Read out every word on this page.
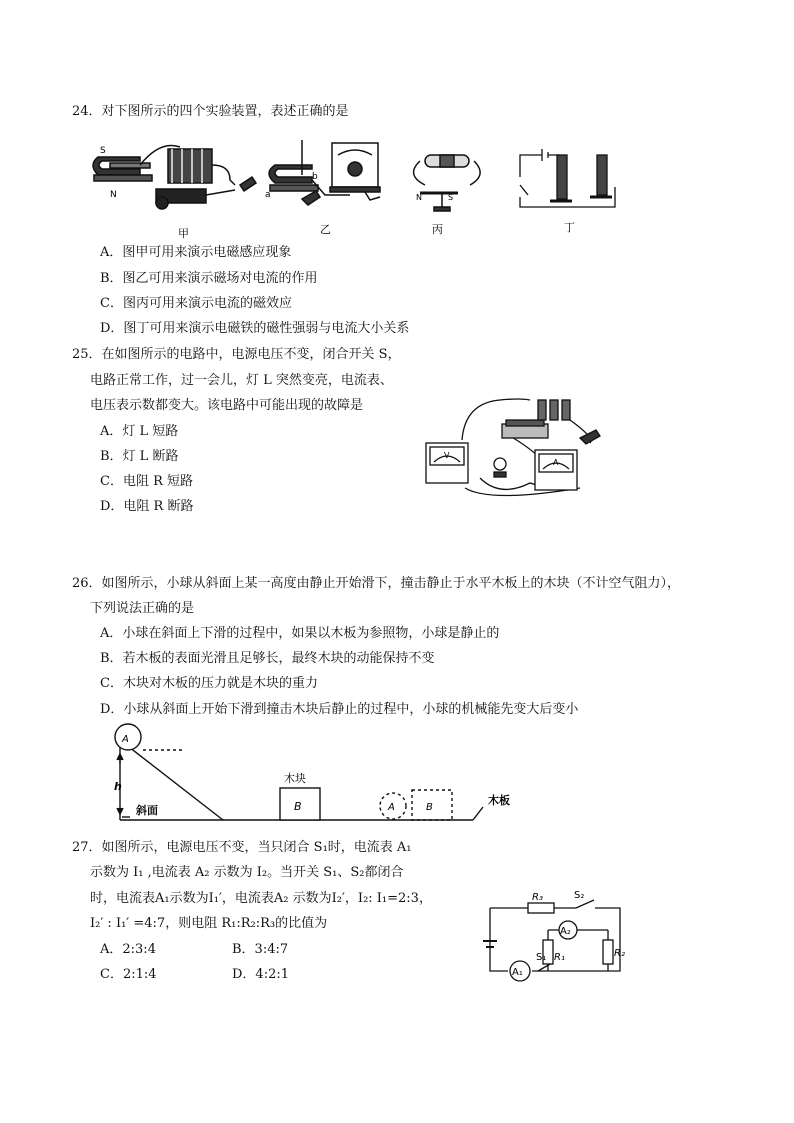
24．对下图所示的四个实验装置，表述正确的是
S
N
甲
a
b
乙
N	S
丙	丁
A．图甲可用来演示电磁感应现象
B．图乙可用来演示磁场对电流的作用
C．图丙可用来演示电流的磁效应
D．图丁可用来演示电磁铁的磁性强弱与电流大小关系
25．在如图所示的电路中，电源电压不变，闭合开关 S，
电路正常工作，过一会儿，灯 L 突然变亮，电流表、
电压表示数都变大。该电路中可能出现的故障是
A．灯 L 短路
B．灯 L 断路
C．电阻 R 短路
D．电阻 R 断路
V
A
26．如图所示，小球从斜面上某一高度由静止开始滑下，撞击静止于水平木板上的木块（不计空气阻力），
下列说法正确的是
A．小球在斜面上下滑的过程中，如果以木板为参照物，小球是静止的
B．若木板的表面光滑且足够长，最终木块的动能保持不变
C．木块对木板的压力就是木块的重力
D．小球从斜面上开始下滑到撞击木块后静止的过程中，小球的机械能先变大后变小
A
h
斜面
木块
B	A	B
木板
27．如图所示，电源电压不变，当只闭合 S₁时，电流表 A₁
示数为 I₁ ,电流表 A₂ 示数为 I₂。当开关 S₁、S₂都闭合
时，电流表A₁示数为I₁′，电流表A₂ 示数为I₂′，I₂: I₁=2:3，
I₂′ : I₁′ =4:7，则电阻 R₁:R₂:R₃的比值为
A．2:3:4	B．3:4:7
C．2:1:4	D．4:2:1
R₃	S₂
A₂
R₁	R₂
A₁
S₁
